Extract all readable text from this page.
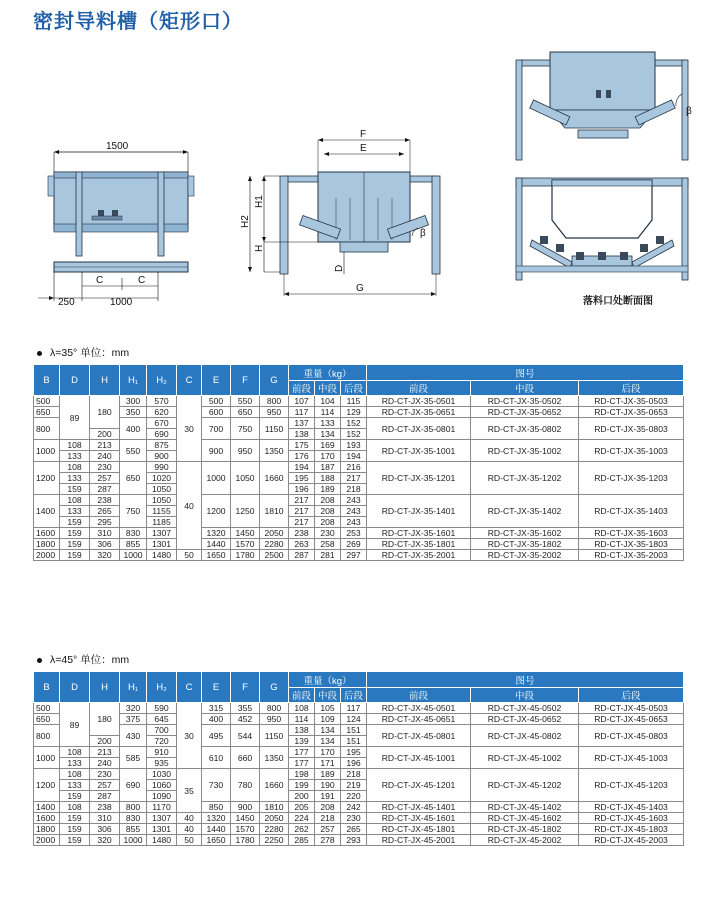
密封导料槽（矩形口）
1500
C	C
250	1000
F
E
H2
H1
H
D
β
G
β
落料口处断面图
λ=35° 单位：mm
B	D	H	H₁	H₂	C	E	F	G	重量（kg）			图号		
									前段	中段	后段	前段	中段	后段
500	89	180	300	570	30	500	550	800	107	104	115	RD-CT-JX-35-0501	RD-CT-JX-35-0502	RD-CT-JX-35-0503
650			350	620		600	650	950	117	114	129	RD-CT-JX-35-0651	RD-CT-JX-35-0652	RD-CT-JX-35-0653
800			400	670		700	750	1150	137	133	152	RD-CT-JX-35-0801	RD-CT-JX-35-0802	RD-CT-JX-35-0803
		200		690					138	134	152			
1000	108	213	550	875		900	950	1350	175	169	193	RD-CT-JX-35-1001	RD-CT-JX-35-1002	RD-CT-JX-35-1003
	133	240		900					176	170	194			
1200	108	230	650	990	40	1000	1050	1660	194	187	216	RD-CT-JX-35-1201	RD-CT-JX-35-1202	RD-CT-JX-35-1203
	133	257		1020					195	188	217			
	159	287		1050					196	189	218			
1400	108	238	750	1050		1200	1250	1810	217	208	243	RD-CT-JX-35-1401	RD-CT-JX-35-1402	RD-CT-JX-35-1403
	133	265		1155					217	208	243			
	159	295		1185					217	208	243			
1600	159	310	830	1307		1320	1450	2050	238	230	253	RD-CT-JX-35-1601	RD-CT-JX-35-1602	RD-CT-JX-35-1603
1800	159	306	855	1301		1440	1570	2280	263	258	269	RD-CT-JX-35-1801	RD-CT-JX-35-1802	RD-CT-JX-35-1803
2000	159	320	1000	1480	50	1650	1780	2500	287	281	297	RD-CT-JX-35-2001	RD-CT-JX-35-2002	RD-CT-JX-35-2003
λ=45° 单位：mm
B	D	H	H₁	H₂	C	E	F	G	重量（kg）			图号		
									前段	中段	后段	前段	中段	后段
500	89	180	320	590	30	315	355	800	108	105	117	RD-CT-JX-45-0501	RD-CT-JX-45-0502	RD-CT-JX-45-0503
650			375	645		400	452	950	114	109	124	RD-CT-JX-45-0651	RD-CT-JX-45-0652	RD-CT-JX-45-0653
800			430	700		495	544	1150	138	134	151	RD-CT-JX-45-0801	RD-CT-JX-45-0802	RD-CT-JX-45-0803
		200		720					139	134	151			
1000	108	213	585	910		610	660	1350	177	170	195	RD-CT-JX-45-1001	RD-CT-JX-45-1002	RD-CT-JX-45-1003
	133	240		935					177	171	196			
1200	108	230	690	1030	35	730	780	1660	198	189	218	RD-CT-JX-45-1201	RD-CT-JX-45-1202	RD-CT-JX-45-1203
	133	257		1060					199	190	219			
	159	287		1090					200	191	220			
1400	108	238	800	1170		850	900	1810	205	208	242	RD-CT-JX-45-1401	RD-CT-JX-45-1402	RD-CT-JX-45-1403
1600	159	310	830	1307	40	1320	1450	2050	224	218	230	RD-CT-JX-45-1601	RD-CT-JX-45-1602	RD-CT-JX-45-1603
1800	159	306	855	1301	40	1440	1570	2280	262	257	265	RD-CT-JX-45-1801	RD-CT-JX-45-1802	RD-CT-JX-45-1803
2000	159	320	1000	1480	50	1650	1780	2250	285	278	293	RD-CT-JX-45-2001	RD-CT-JX-45-2002	RD-CT-JX-45-2003
